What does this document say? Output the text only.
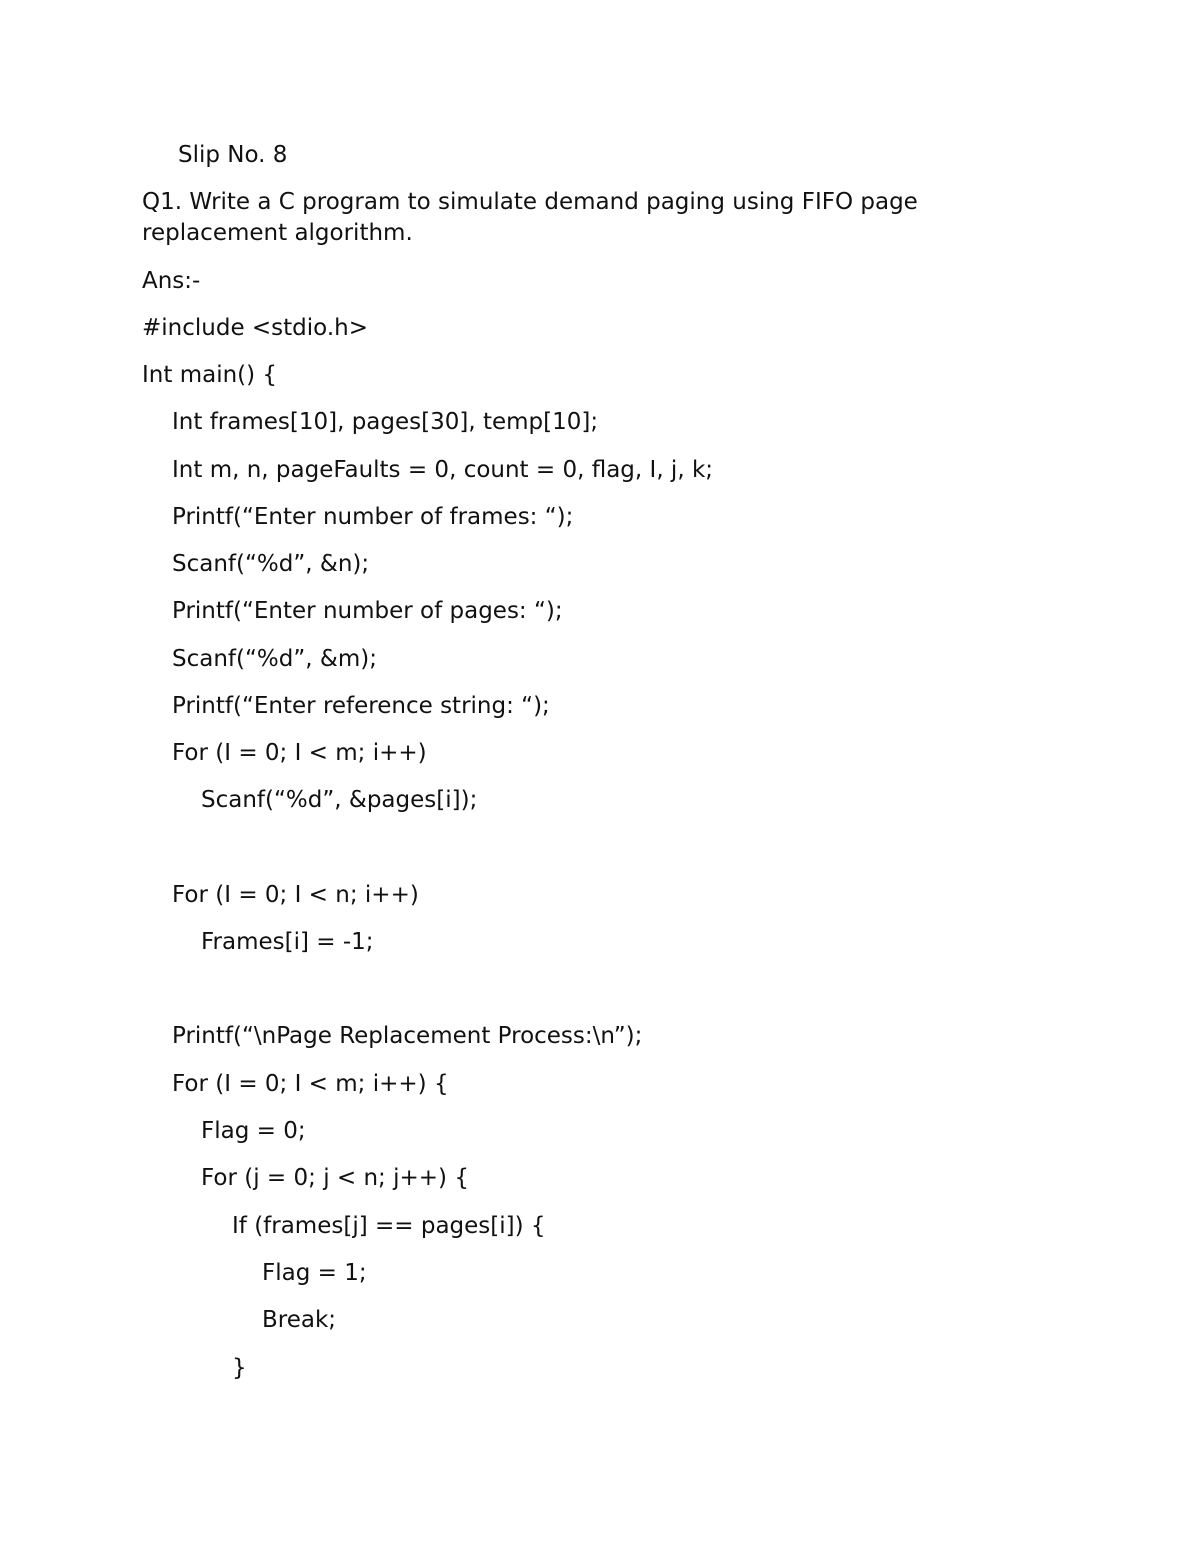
Slip No. 8
Q1. Write a C program to simulate demand paging using FIFO page
replacement algorithm.
Ans:-
#include <stdio.h>
Int main() {
Int frames[10], pages[30], temp[10];
Int m, n, pageFaults = 0, count = 0, flag, I, j, k;
Printf(“Enter number of frames: “);
Scanf(“%d”, &n);
Printf(“Enter number of pages: “);
Scanf(“%d”, &m);
Printf(“Enter reference string: “);
For (I = 0; I < m; i++)
Scanf(“%d”, &pages[i]);
For (I = 0; I < n; i++)
Frames[i] = -1;
Printf(“\nPage Replacement Process:\n”);
For (I = 0; I < m; i++) {
Flag = 0;
For (j = 0; j < n; j++) {
If (frames[j] == pages[i]) {
Flag = 1;
Break;
}
